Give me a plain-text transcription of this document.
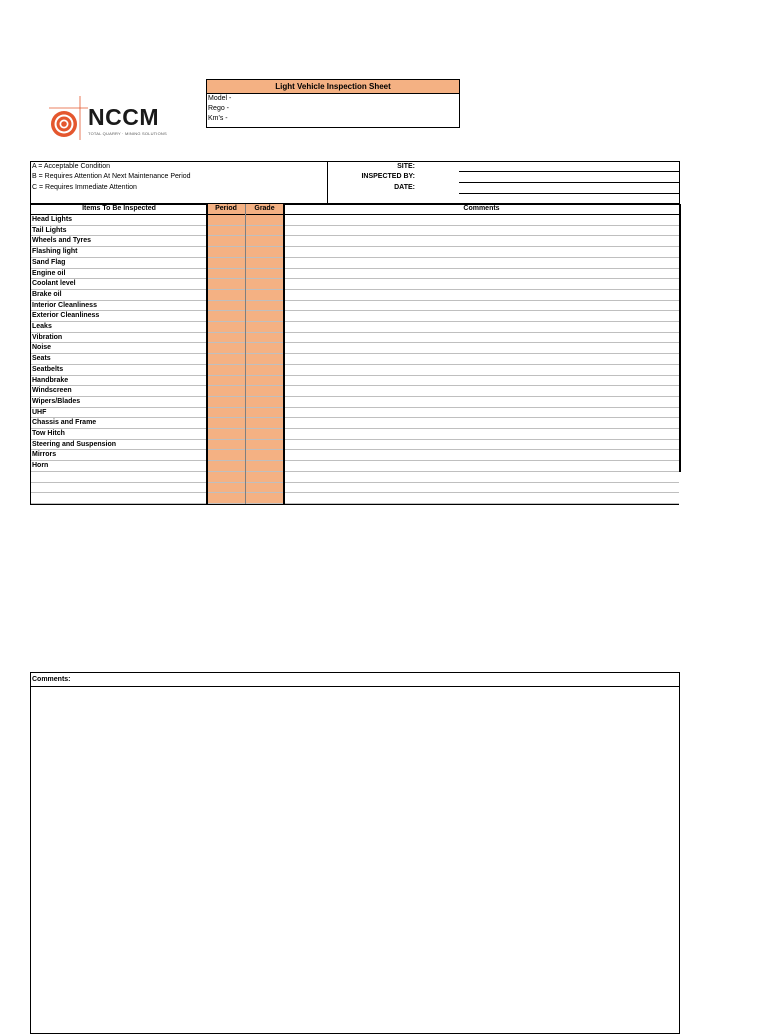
NCCM
TOTAL QUARRY · MINING SOLUTIONS
Light Vehicle Inspection Sheet
Model -
Rego -
Km's -
A = Acceptable Condition
B = Requires Attention At Next Maintenance Period
C = Requires Immediate Attention
SITE:
INSPECTED BY:
DATE:
Items To Be Inspected	Period	Grade	Comments
Head Lights
Tail Lights
Wheels and Tyres
Flashing light
Sand Flag
Engine oil
Coolant level
Brake oil
Interior Cleanliness
Exterior Cleanliness
Leaks
Vibration
Noise
Seats
Seatbelts
Handbrake
Windscreen
Wipers/Blades
UHF
Chassis and Frame
Tow Hitch
Steering and Suspension
Mirrors
Horn
Comments:
